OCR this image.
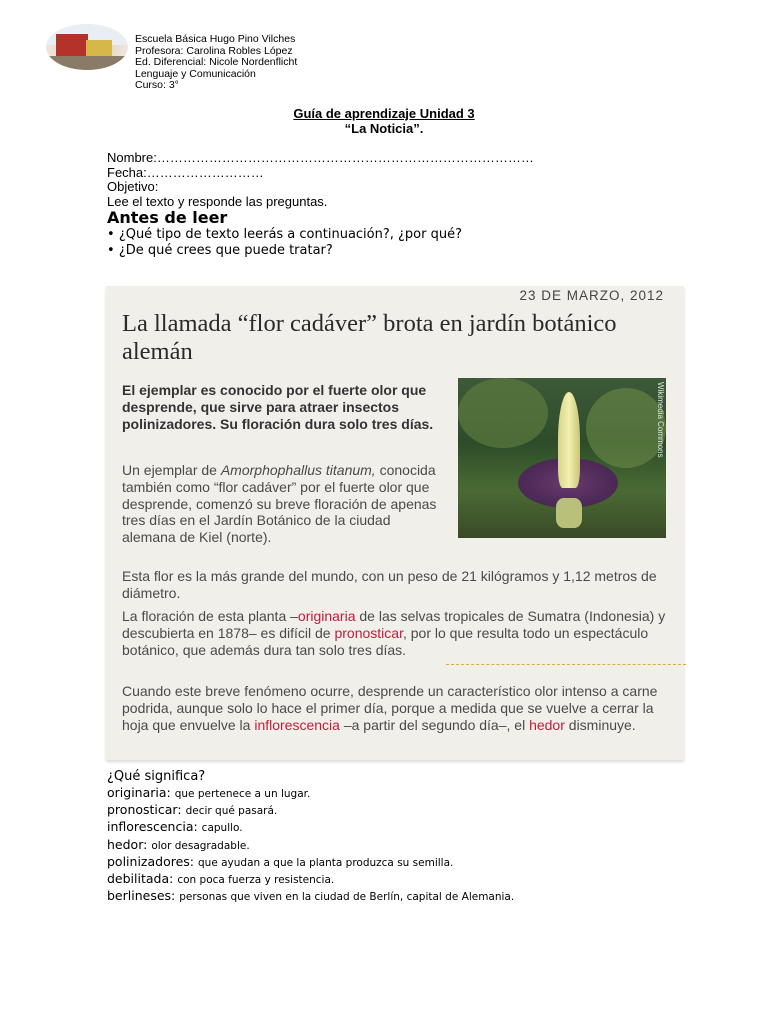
Escuela Básica Hugo Pino Vilches
Profesora: Carolina Robles López
Ed. Diferencial: Nicole Nordenflicht
Lenguaje y Comunicación
Curso: 3°
Guía de aprendizaje Unidad 3
“La Noticia”.
Nombre:……………………………………………………………………………
Fecha:………………………
Objetivo:
Lee el texto y responde las preguntas.
Antes de leer
• ¿Qué tipo de texto leerás a continuación?, ¿por qué?
• ¿De qué crees que puede tratar?
23 DE MARZO, 2012
La llamada “flor cadáver” brota en jardín botánico alemán
El ejemplar es conocido por el fuerte olor que desprende, que sirve para atraer insectos polinizadores. Su floración dura solo tres días.	Wikimedia Commons
Un ejemplar de Amorphophallus titanum, conocida también como “flor cadáver” por el fuerte olor que desprende, comenzó su breve floración de apenas tres días en el Jardín Botánico de la ciudad alemana de Kiel (norte).
Esta flor es la más grande del mundo, con un peso de 21 kilógramos y 1,12 metros de diámetro.
La floración de esta planta –originaria de las selvas tropicales de Sumatra (Indonesia) y descubierta en 1878– es difícil de pronosticar, por lo que resulta todo un espectáculo botánico, que además dura tan solo tres días.
Cuando este breve fenómeno ocurre, desprende un característico olor intenso a carne podrida, aunque solo lo hace el primer día, porque a medida que se vuelve a cerrar la hoja que envuelve la inflorescencia –a partir del segundo día–, el hedor disminuye.
¿Qué significa?
originaria: que pertenece a un lugar.
pronosticar: decir qué pasará.
inflorescencia: capullo.
hedor: olor desagradable.
polinizadores: que ayudan a que la planta produzca su semilla.
debilitada: con poca fuerza y resistencia.
berlineses: personas que viven en la ciudad de Berlín, capital de Alemania.
